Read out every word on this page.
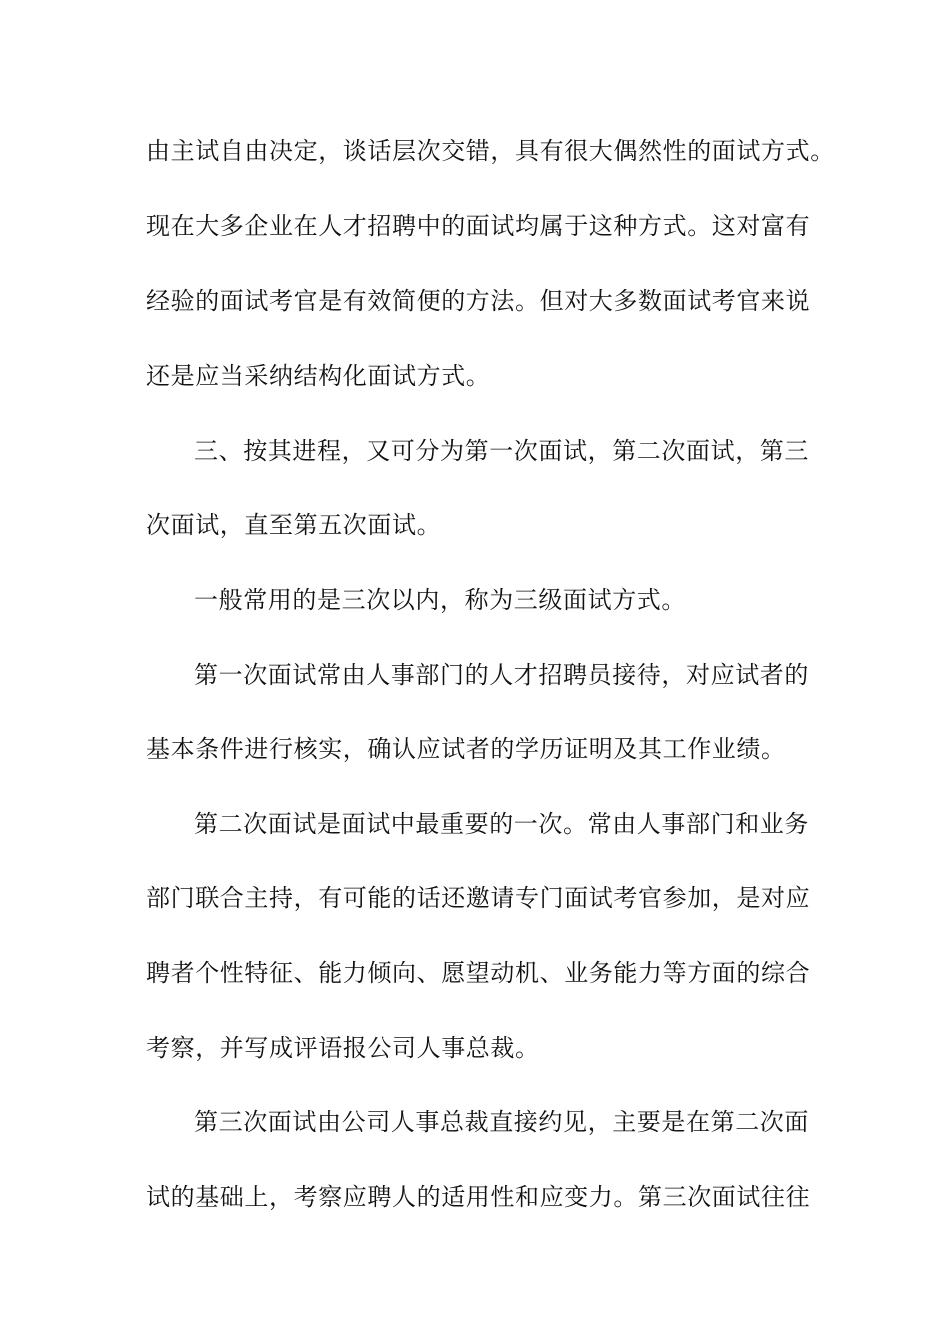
由主试自由决定，谈话层次交错，具有很大偶然性的面试方式。
现在大多企业在人才招聘中的面试均属于这种方式。这对富有
经验的面试考官是有效简便的方法。但对大多数面试考官来说
还是应当采纳结构化面试方式。
三、按其进程，又可分为第一次面试，第二次面试，第三
次面试，直至第五次面试。
一般常用的是三次以内，称为三级面试方式。
第一次面试常由人事部门的人才招聘员接待，对应试者的
基本条件进行核实，确认应试者的学历证明及其工作业绩。
第二次面试是面试中最重要的一次。常由人事部门和业务
部门联合主持，有可能的话还邀请专门面试考官参加，是对应
聘者个性特征、能力倾向、愿望动机、业务能力等方面的综合
考察，并写成评语报公司人事总裁。
第三次面试由公司人事总裁直接约见，主要是在第二次面
试的基础上，考察应聘人的适用性和应变力。第三次面试往往
